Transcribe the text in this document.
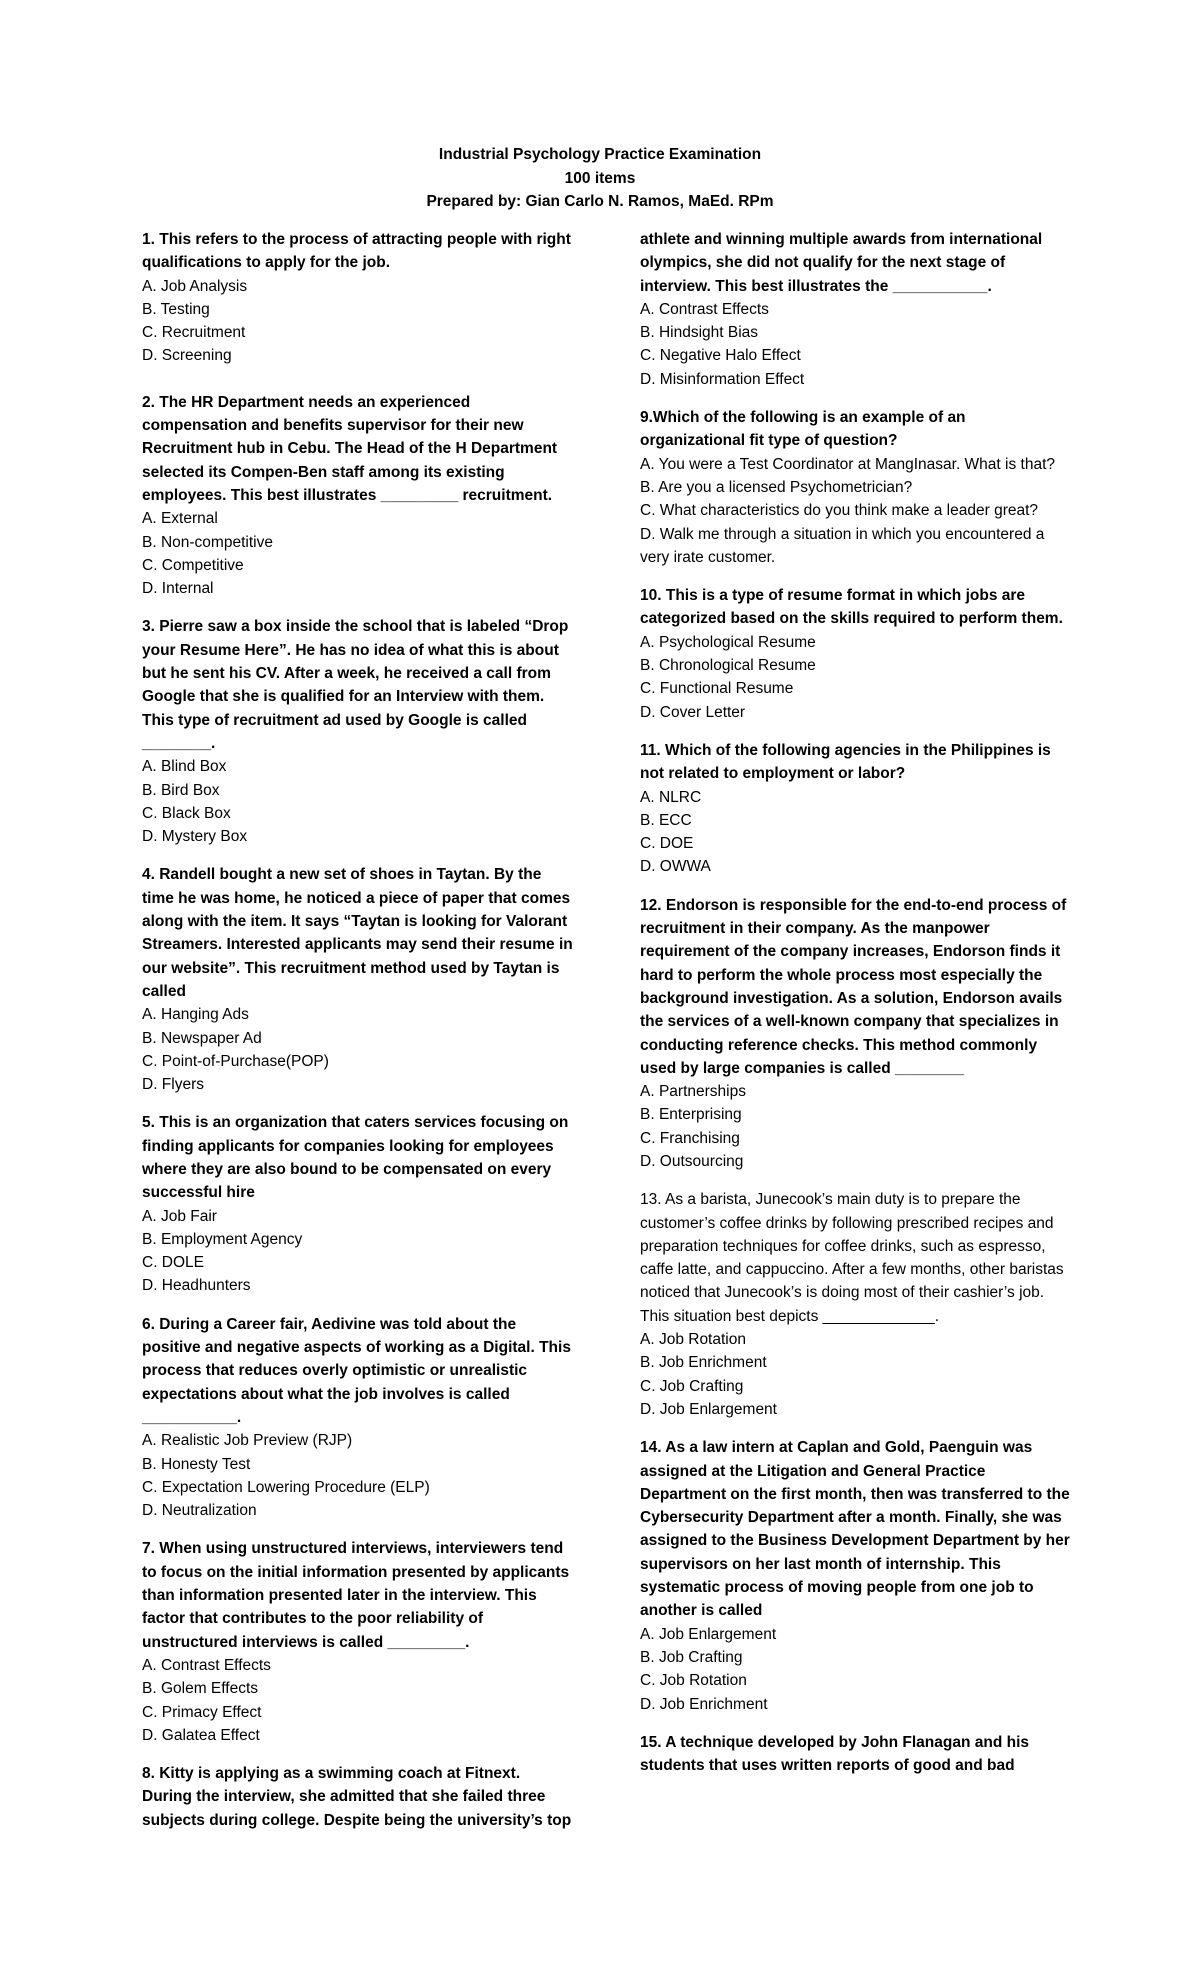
Industrial Psychology Practice Examination
100 items
Prepared by: Gian Carlo N. Ramos, MaEd. RPm
1. This refers to the process of attracting people with right qualifications to apply for the job.
A. Job Analysis
B. Testing
C. Recruitment
D. Screening
2. The HR Department needs an experienced compensation and benefits supervisor for their new Recruitment hub in Cebu. The Head of the H Department selected its Compen-Ben staff among its existing employees. This best illustrates _________ recruitment.
A. External
B. Non-competitive
C. Competitive
D. Internal
3. Pierre saw a box inside the school that is labeled “Drop your Resume Here”. He has no idea of what this is about but he sent his CV. After a week, he received a call from Google that she is qualified for an Interview with them. This type of recruitment ad used by Google is called ________.
A. Blind Box
B. Bird Box
C. Black Box
D. Mystery Box
4. Randell bought a new set of shoes in Taytan. By the time he was home, he noticed a piece of paper that comes along with the item. It says “Taytan is looking for Valorant Streamers. Interested applicants may send their resume in our website”. This recruitment method used by Taytan is called
A. Hanging Ads
B. Newspaper Ad
C. Point-of-Purchase(POP)
D. Flyers
5. This is an organization that caters services focusing on finding applicants for companies looking for employees where they are also bound to be compensated on every successful hire
A. Job Fair
B. Employment Agency
C. DOLE
D. Headhunters
6. During a Career fair, Aedivine was told about the positive and negative aspects of working as a Digital. This process that reduces overly optimistic or unrealistic expectations about what the job involves is called ___________.
A. Realistic Job Preview (RJP)
B. Honesty Test
C. Expectation Lowering Procedure (ELP)
D. Neutralization
7. When using unstructured interviews, interviewers tend to focus on the initial information presented by applicants than information presented later in the interview. This factor that contributes to the poor reliability of unstructured interviews is called _________.
A. Contrast Effects
B. Golem Effects
C. Primacy Effect
D. Galatea Effect
8. Kitty is applying as a swimming coach at Fitnext. During the interview, she admitted that she failed three subjects during college. Despite being the university’s top
athlete and winning multiple awards from international olympics, she did not qualify for the next stage of interview. This best illustrates the ___________.
A. Contrast Effects
B. Hindsight Bias
C. Negative Halo Effect
D. Misinformation Effect
9.Which of the following is an example of an organizational fit type of question?
A. You were a Test Coordinator at MangInasar. What is that?
B. Are you a licensed Psychometrician?
C. What characteristics do you think make a leader great?
D. Walk me through a situation in which you encountered a very irate customer.
10. This is a type of resume format in which jobs are categorized based on the skills required to perform them.
A. Psychological Resume
B. Chronological Resume
C. Functional Resume
D. Cover Letter
11. Which of the following agencies in the Philippines is not related to employment or labor?
A. NLRC
B. ECC
C. DOE
D. OWWA
12. Endorson is responsible for the end-to-end process of recruitment in their company. As the manpower requirement of the company increases, Endorson finds it hard to perform the whole process most especially the background investigation. As a solution, Endorson avails the services of a well-known company that specializes in conducting reference checks. This method commonly used by large companies is called ________
A. Partnerships
B. Enterprising
C. Franchising
D. Outsourcing
13. As a barista, Junecook’s main duty is to prepare the customer’s coffee drinks by following prescribed recipes and preparation techniques for coffee drinks, such as espresso, caffe latte, and cappuccino. After a few months, other baristas noticed that Junecook’s is doing most of their cashier’s job. This situation best depicts _____________.
A. Job Rotation
B. Job Enrichment
C. Job Crafting
D. Job Enlargement
14. As a law intern at Caplan and Gold, Paenguin was assigned at the Litigation and General Practice Department on the first month, then was transferred to the Cybersecurity Department after a month. Finally, she was assigned to the Business Development Department by her supervisors on her last month of internship. This systematic process of moving people from one job to another is called
A. Job Enlargement
B. Job Crafting
C. Job Rotation
D. Job Enrichment
15. A technique developed by John Flanagan and his students that uses written reports of good and bad
